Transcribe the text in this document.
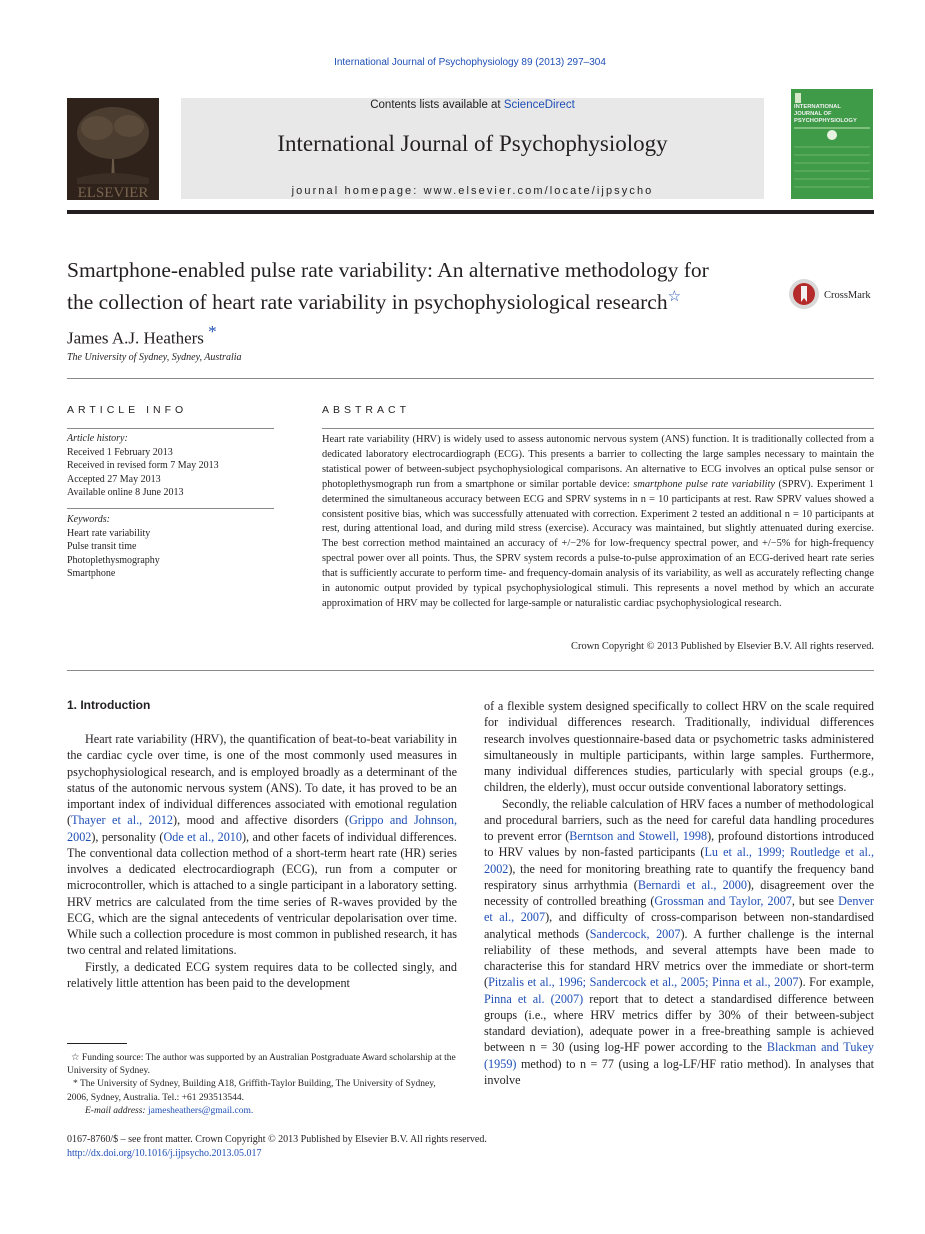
International Journal of Psychophysiology 89 (2013) 297–304
ELSEVIER
Contents lists available at ScienceDirect
International Journal of Psychophysiology
journal homepage: www.elsevier.com/locate/ijpsycho
INTERNATIONAL JOURNAL OF PSYCHOPHYSIOLOGY
Smartphone-enabled pulse rate variability: An alternative methodology for
the collection of heart rate variability in psychophysiological research☆	CrossMark
James A.J. Heathers *
The University of Sydney, Sydney, Australia
ARTICLE INFO
Article history:
Received 1 February 2013
Received in revised form 7 May 2013
Accepted 27 May 2013
Available online 8 June 2013
Keywords:
Heart rate variability
Pulse transit time
Photoplethysmography
Smartphone
ABSTRACT
Heart rate variability (HRV) is widely used to assess autonomic nervous system (ANS) function. It is traditionally collected from a dedicated laboratory electrocardiograph (ECG). This presents a barrier to collecting the large samples necessary to maintain the statistical power of between-subject psychophysiological comparisons. An alternative to ECG involves an optical pulse sensor or photoplethysmograph run from a smartphone or similar portable device: smartphone pulse rate variability (SPRV). Experiment 1 determined the simultaneous accuracy between ECG and SPRV systems in n = 10 participants at rest. Raw SPRV values showed a consistent positive bias, which was successfully attenuated with correction. Experiment 2 tested an additional n = 10 participants at rest, during attentional load, and during mild stress (exercise). Accuracy was maintained, but slightly attenuated during exercise. The best correction method maintained an accuracy of +/−2% for low-frequency spectral power, and +/−5% for high-frequency spectral power over all points. Thus, the SPRV system records a pulse-to-pulse approximation of an ECG-derived heart rate series that is sufficiently accurate to perform time- and frequency-domain analysis of its variability, as well as accurately reflecting change in autonomic output provided by typical psychophysiological stimuli. This represents a novel method by which an accurate approximation of HRV may be collected for large-sample or naturalistic cardiac psychophysiological research.
Crown Copyright © 2013 Published by Elsevier B.V. All rights reserved.
1. Introduction

Heart rate variability (HRV), the quantification of beat-to-beat variability in the cardiac cycle over time, is one of the most commonly used measures in psychophysiological research, and is employed broadly as a determinant of the status of the autonomic nervous system (ANS). To date, it has proved to be an important index of individual differences associated with emotional regulation (Thayer et al., 2012), mood and affective disorders (Grippo and Johnson, 2002), personality (Ode et al., 2010), and other facets of individual differences. The conventional data collection method of a short-term heart rate (HR) series involves a dedicated electrocardiograph (ECG), run from a computer or microcontroller, which is attached to a single participant in a laboratory setting. HRV metrics are calculated from the time series of R-waves provided by the ECG, which are the signal antecedents of ventricular depolarisation over time. While such a collection procedure is most common in published research, it has two central and related limitations.

Firstly, a dedicated ECG system requires data to be collected singly, and relatively little attention has been paid to the development

of a flexible system designed specifically to collect HRV on the scale required for individual differences research. Traditionally, individual differences research involves questionnaire-based data or psychometric tasks administered simultaneously in multiple participants, within large samples. Furthermore, many individual differences studies, particularly with special groups (e.g., children, the elderly), must occur outside conventional laboratory settings.

Secondly, the reliable calculation of HRV faces a number of methodological and procedural barriers, such as the need for careful data handling procedures to prevent error (Berntson and Stowell, 1998), profound distortions introduced to HRV values by non-fasted participants (Lu et al., 1999; Routledge et al., 2002), the need for monitoring breathing rate to quantify the frequency band respiratory sinus arrhythmia (Bernardi et al., 2000), disagreement over the necessity of controlled breathing (Grossman and Taylor, 2007, but see Denver et al., 2007), and difficulty of cross-comparison between non-standardised analytical methods (Sandercock, 2007). A further challenge is the internal reliability of these methods, and several attempts have been made to characterise this for standard HRV metrics over the immediate or short-term (Pitzalis et al., 1996; Sandercock et al., 2005; Pinna et al., 2007). For example, Pinna et al. (2007) report that to detect a standardised difference between groups (i.e., where HRV metrics differ by 30% of their between-subject standard deviation), adequate power in a free-breathing sample is achieved between n = 30 (using log-HF power according to the Blackman and Tukey (1959) method) to n = 77 (using a log-LF/HF ratio method). In analyses that involve

☆ Funding source: The author was supported by an Australian Postgraduate Award scholarship at the University of Sydney.
* The University of Sydney, Building A18, Griffith-Taylor Building, The University of Sydney, 2006, Sydney, Australia. Tel.: +61 293513544.
E-mail address: jamesheathers@gmail.com.
0167-8760/$ – see front matter. Crown Copyright © 2013 Published by Elsevier B.V. All rights reserved.
http://dx.doi.org/10.1016/j.ijpsycho.2013.05.017
